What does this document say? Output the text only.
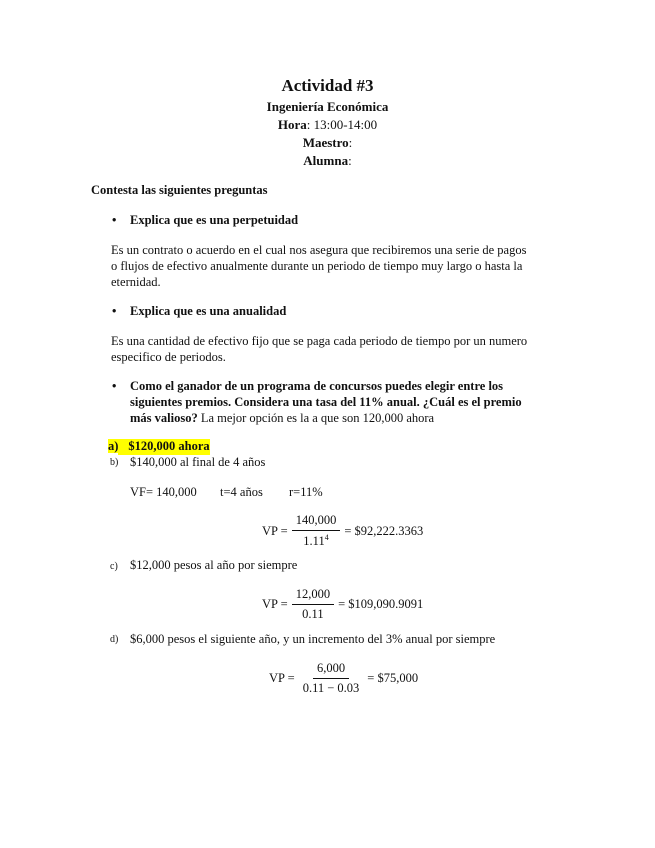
Actividad #3
Ingeniería Económica
Hora: 13:00-14:00
Maestro:
Alumna:
Contesta las siguientes preguntas
• Explica que es una perpetuidad
Es un contrato o acuerdo en el cual nos asegura que recibiremos una serie de pagos
o flujos de efectivo anualmente durante un periodo de tiempo muy largo o hasta la
eternidad.
• Explica que es una anualidad
Es una cantidad de efectivo fijo que se paga cada periodo de tiempo por un numero
especifico de periodos.
• Como el ganador de un programa de concursos puedes elegir entre los
siguientes premios. Considera una tasa del 11% anual. ¿Cuál es el premio
más valioso? La mejor opción es la a que son 120,000 ahora
a) $120,000 ahora
b) $140,000 al final de 4 años
VF= 140,000 t=4 años r=11%
VP = $\frac{140,000}{1.11^4}$ = $92,222.3363
c) $12,000 pesos al año por siempre
VP = $\frac{12,000}{0.11}$ = $109,090.9091
d) $6,000 pesos el siguiente año, y un incremento del 3% anual por siempre
VP = $\frac{6,000}{0.11 - 0.03}$ = $75,000
